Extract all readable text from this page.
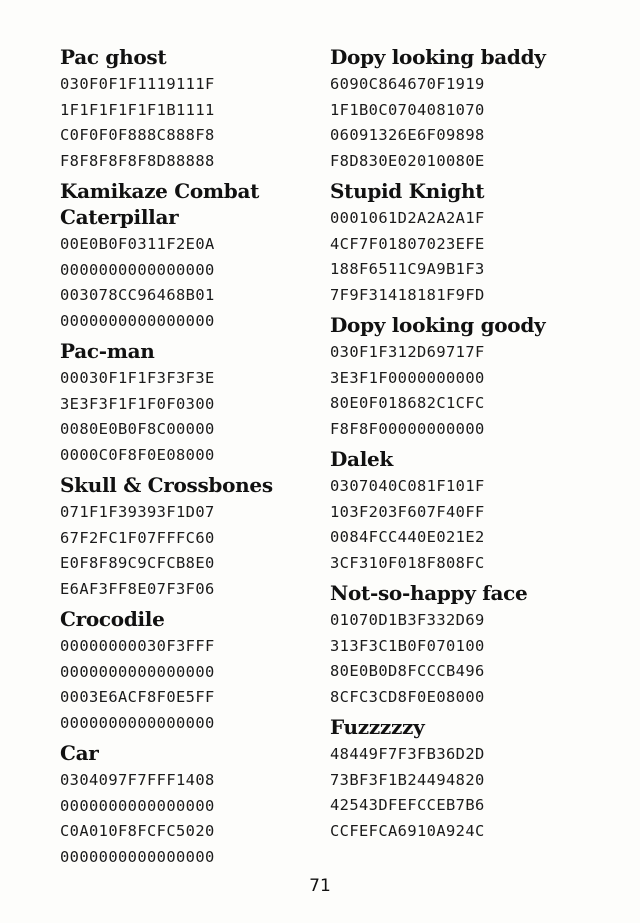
Pac ghost
030F0F1F1119111F
1F1F1F1F1F1B1111
C0F0F0F888C888F8
F8F8F8F8F8D88888
Kamikaze Combat
Caterpillar
00E0B0F0311F2E0A
0000000000000000
003078CC96468B01
0000000000000000
Pac-man
00030F1F1F3F3F3E
3E3F3F1F1F0F0300
0080E0B0F8C00000
0000C0F8F0E08000
Skull & Crossbones
071F1F39393F1D07
67F2FC1F07FFFC60
E0F8F89C9CFCB8E0
E6AF3FF8E07F3F06
Crocodile
00000000030F3FFF
0000000000000000
0003E6ACF8F0E5FF
0000000000000000
Car
0304097F7FFF1408
0000000000000000
C0A010F8FCFC5020
0000000000000000
Dopy looking baddy
6090C864670F1919
1F1B0C0704081070
06091326E6F09898
F8D830E02010080E
Stupid Knight
0001061D2A2A2A1F
4CF7F01807023EFE
188F6511C9A9B1F3
7F9F31418181F9FD
Dopy looking goody
030F1F312D69717F
3E3F1F0000000000
80E0F018682C1CFC
F8F8F00000000000
Dalek
0307040C081F101F
103F203F607F40FF
0084FCC440E021E2
3CF310F018F808FC
Not-so-happy face
01070D1B3F332D69
313F3C1B0F070100
80E0B0D8FCCCB496
8CFC3CD8F0E08000
Fuzzzzzy
48449F7F3FB36D2D
73BF3F1B24494820
42543DFEFCCEB7B6
CCFEFCA6910A924C
71
